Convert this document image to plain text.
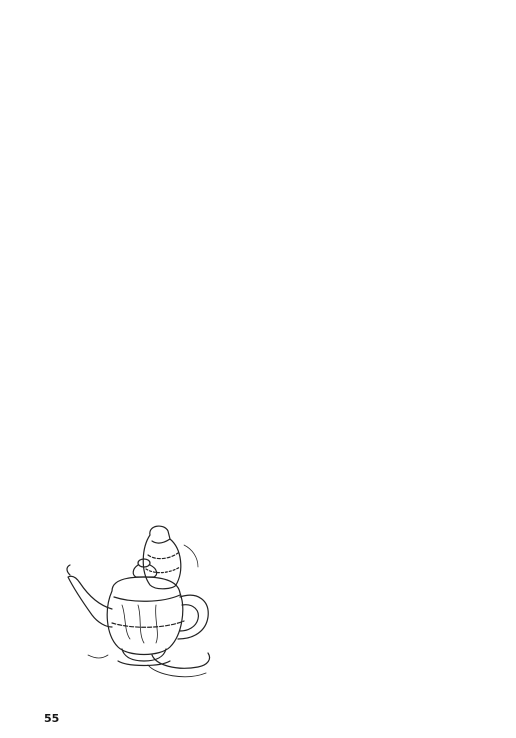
55
